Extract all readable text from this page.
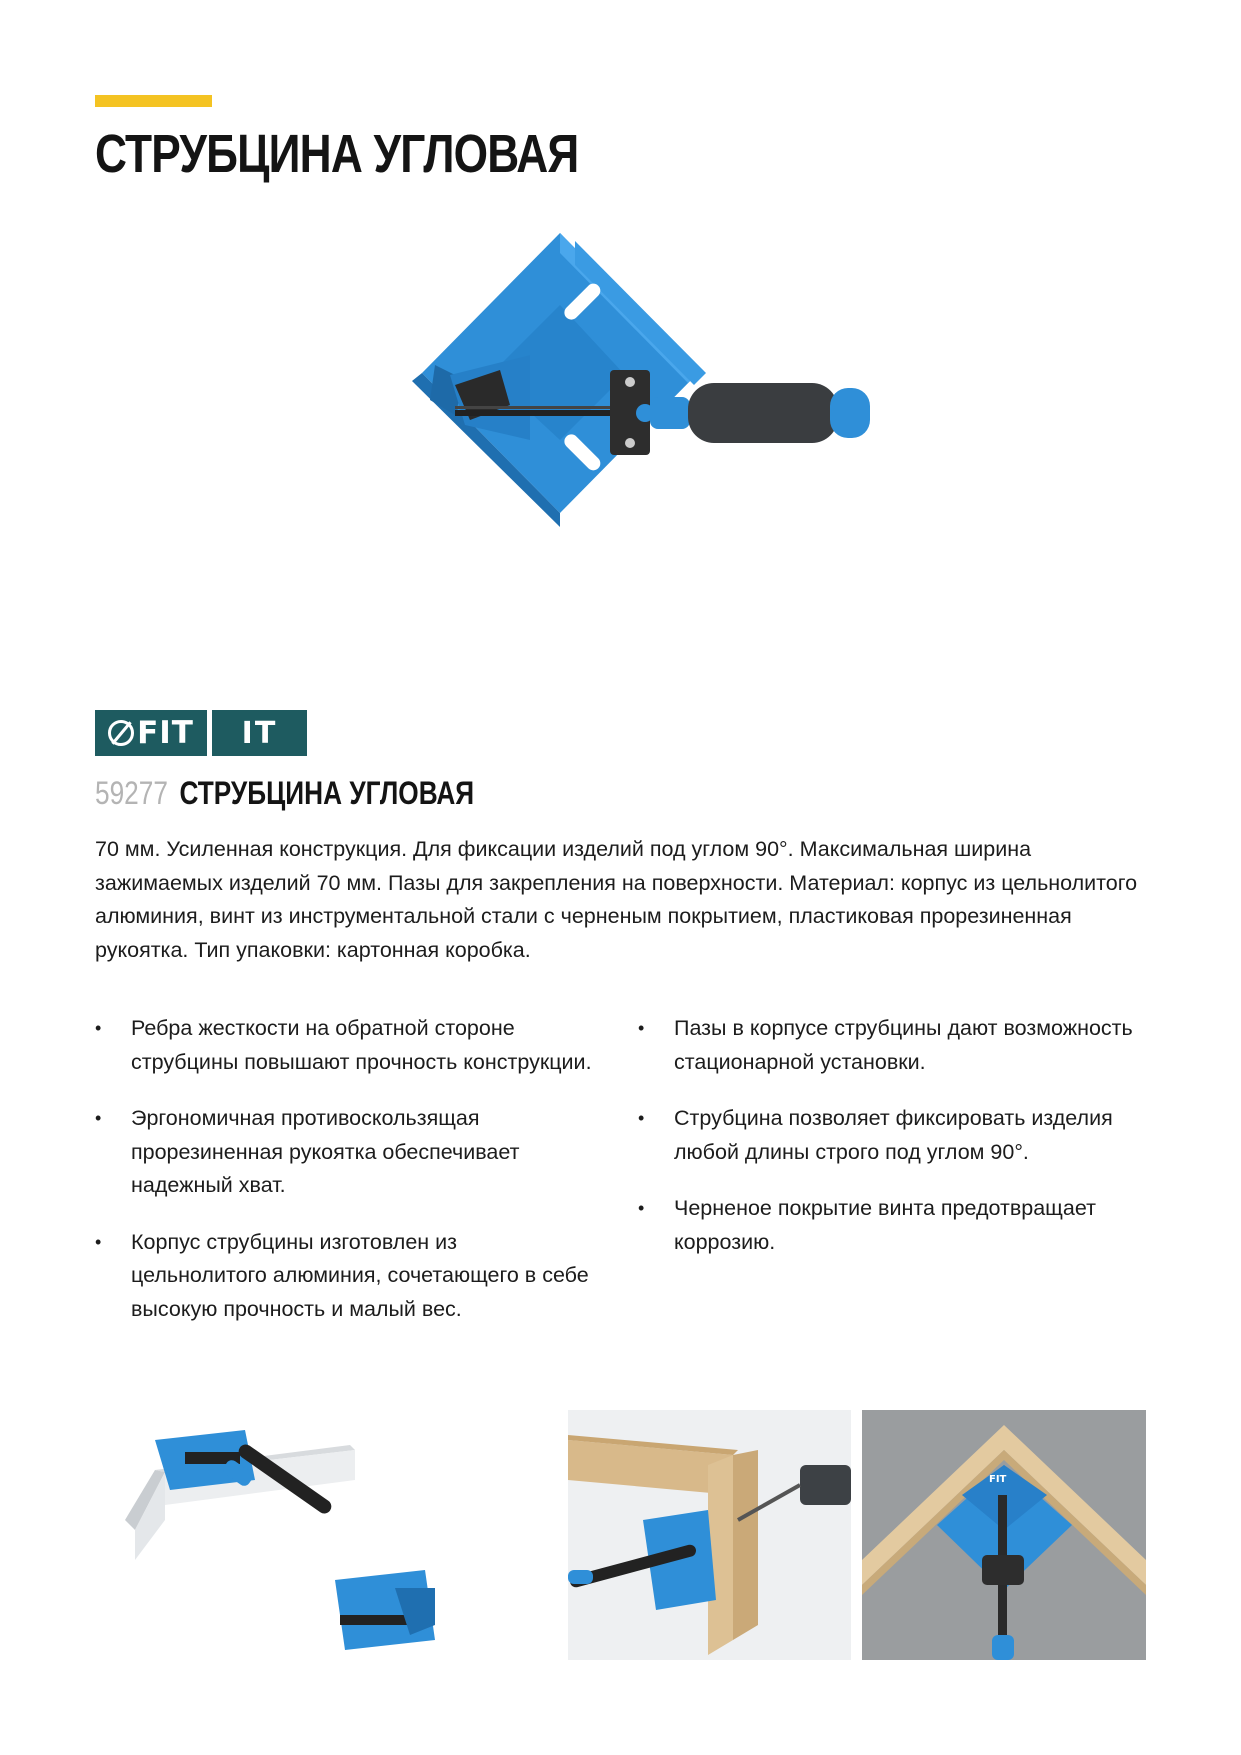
СТРУБЦИНА УГЛОВАЯ
FIT
FIT IT
59277 СТРУБЦИНА УГЛОВАЯ

70 мм. Усиленная конструкция. Для фиксации изделий под углом 90°. Максимальная ширина зажимаемых изделий 70 мм. Пазы для закрепления на поверхности. Материал: корпус из цельнолитого алюминия, винт из инструментальной стали с черненым покрытием, пластиковая прорезиненная рукоятка. Тип упаковки: картонная коробка.

• Ребра жесткости на обратной стороне струбцины повышают прочность конструкции.
• Эргономичная противоскользящая прорезиненная рукоятка обеспечивает надежный хват.
• Корпус струбцины изготовлен из цельнолитого алюминия, сочетающего в себе высокую прочность и малый вес.
• Пазы в корпусе струбцины дают возможность стационарной установки.
• Струбцина позволяет фиксировать изделия любой длины строго под углом 90°.
• Черненое покрытие винта предотвращает коррозию.
FIT
